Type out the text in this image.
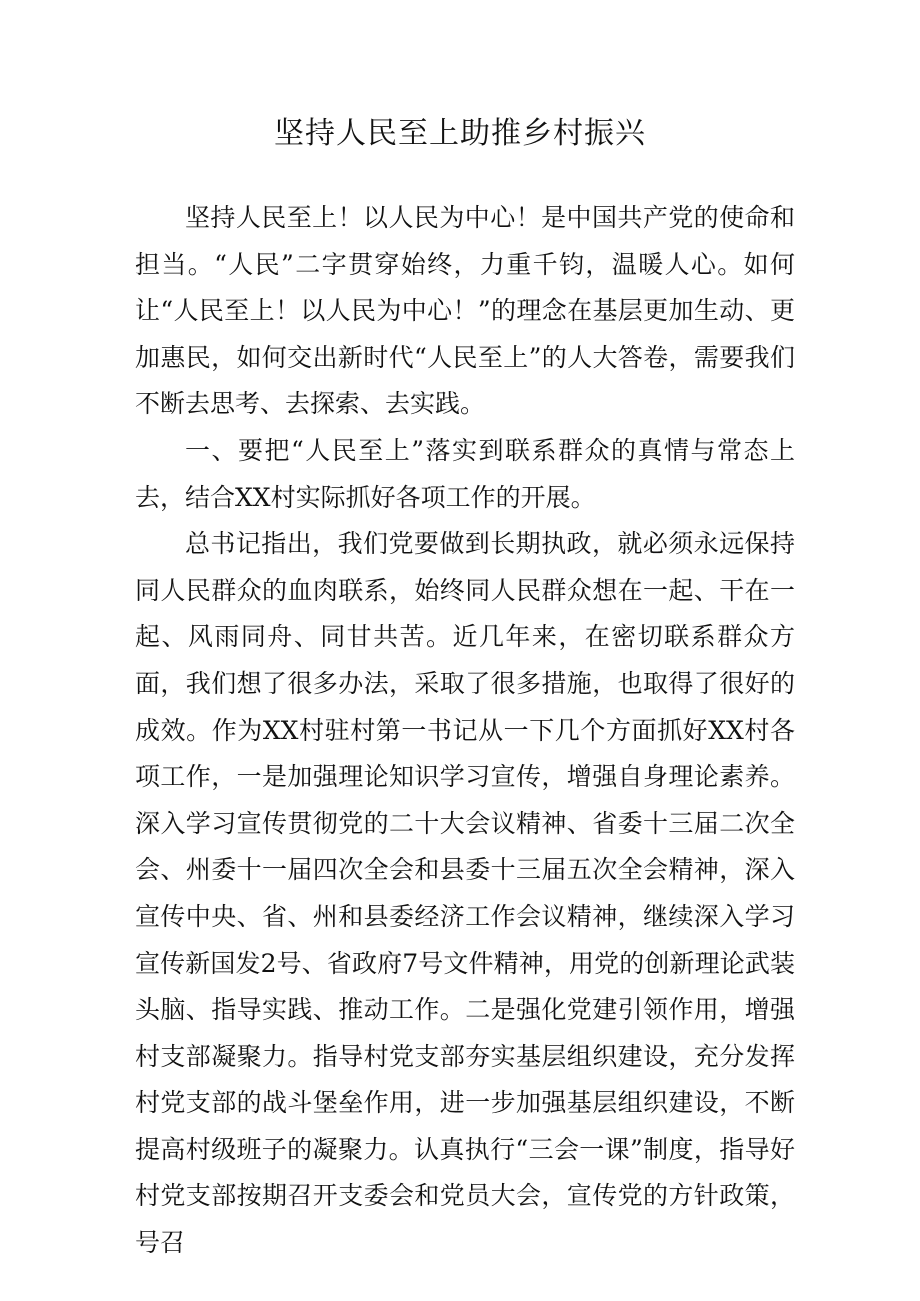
坚持人民至上助推乡村振兴

坚持人民至上！以人民为中心！是中国共产党的使命和担当。“人民”二字贯穿始终，力重千钧，温暖人心。如何让“人民至上！以人民为中心！”的理念在基层更加生动、更加惠民，如何交出新时代“人民至上”的人大答卷，需要我们不断去思考、去探索、去实践。

一、要把“人民至上”落实到联系群众的真情与常态上去，结合XX村实际抓好各项工作的开展。

总书记指出，我们党要做到长期执政，就必须永远保持同人民群众的血肉联系，始终同人民群众想在一起、干在一起、风雨同舟、同甘共苦。近几年来，在密切联系群众方面，我们想了很多办法，采取了很多措施，也取得了很好的成效。作为XX村驻村第一书记从一下几个方面抓好XX村各项工作，一是加强理论知识学习宣传，增强自身理论素养。深入学习宣传贯彻党的二十大会议精神、省委十三届二次全会、州委十一届四次全会和县委十三届五次全会精神，深入宣传中央、省、州和县委经济工作会议精神，继续深入学习宣传新国发2号、省政府7号文件精神，用党的创新理论武装头脑、指导实践、推动工作。二是强化党建引领作用，增强村支部凝聚力。指导村党支部夯实基层组织建设，充分发挥村党支部的战斗堡垒作用，进一步加强基层组织建设，不断提高村级班子的凝聚力。认真执行“三会一课”制度，指导好村党支部按期召开支委会和党员大会，宣传党的方针政策，号召
